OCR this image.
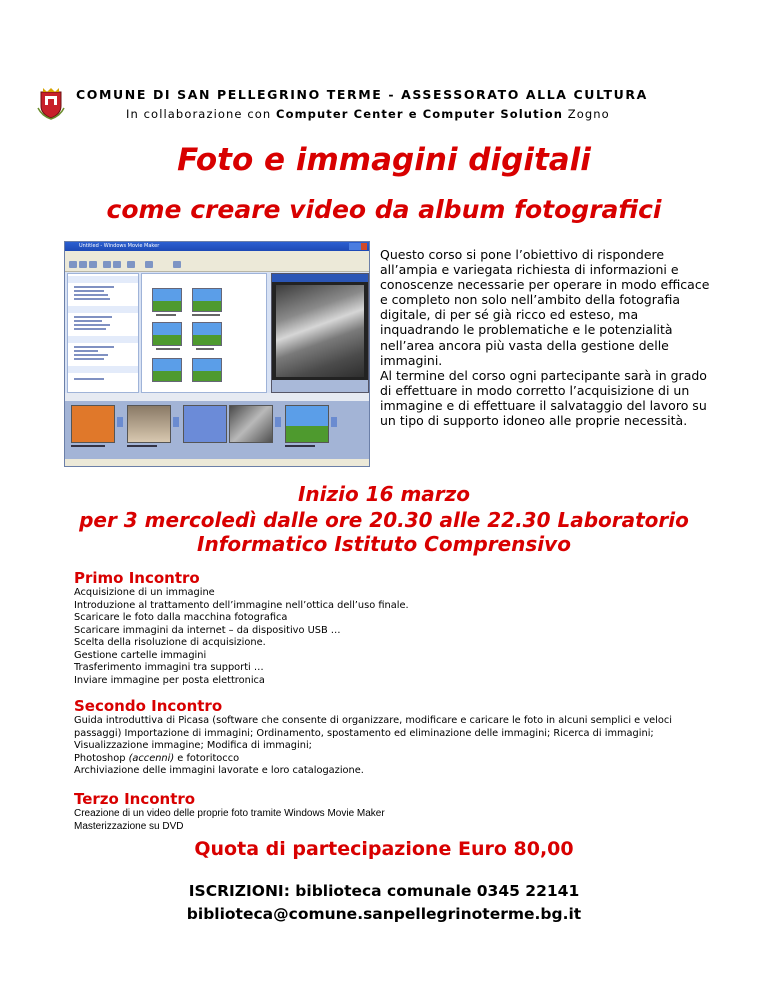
COMUNE DI SAN PELLEGRINO TERME - ASSESSORATO ALLA CULTURA
In collaborazione con Computer Center e Computer Solution Zogno
Foto e immagini digitali
come creare video da album fotografici
Untitled - Windows Movie Maker

Questo corso si pone l’obiettivo di rispondere all’ampia e variegata richiesta di informazioni e conoscenze necessarie per operare in modo efficace e completo non solo nell’ambito della fotografia digitale, di per sé già ricco ed esteso, ma inquadrando le problematiche e le potenzialità nell’area ancora più vasta della gestione delle immagini.

Al termine del corso ogni partecipante sarà in grado di effettuare in modo corretto l’acquisizione di un immagine e di effettuare il salvataggio del lavoro su un tipo di supporto idoneo alle proprie necessità.

Inizio 16 marzo
per 3 mercoledì dalle ore 20.30 alle 22.30 Laboratorio
Informatico Istituto Comprensivo
Primo Incontro
Acquisizione di un immagine
Introduzione al trattamento dell’immagine nell’ottica dell’uso finale.
Scaricare le foto dalla macchina fotografica
Scaricare immagini da internet – da dispositivo USB …
Scelta della risoluzione di acquisizione.
Gestione cartelle immagini
Trasferimento immagini tra supporti …
Inviare immagine per posta elettronica
Secondo Incontro
Guida introduttiva di Picasa (software che consente di organizzare, modificare e caricare le foto in alcuni semplici e veloci passaggi) Importazione di immagini; Ordinamento, spostamento ed eliminazione delle immagini; Ricerca di immagini; Visualizzazione immagine; Modifica di immagini;
Photoshop (accenni) e fotoritocco
Archiviazione delle immagini lavorate e loro catalogazione.
Terzo Incontro
Creazione di un video delle proprie foto tramite Windows Movie Maker
Masterizzazione su DVD
Quota di partecipazione Euro 80,00
ISCRIZIONI: biblioteca comunale 0345 22141
biblioteca@comune.sanpellegrinoterme.bg.it
